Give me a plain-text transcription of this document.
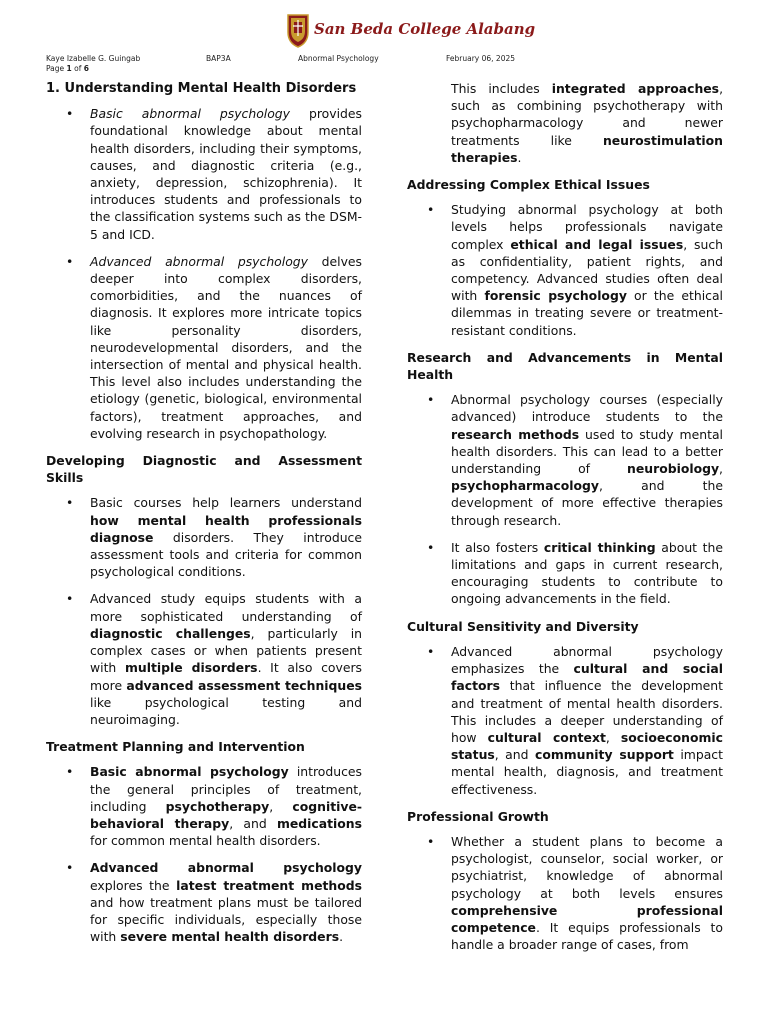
San Beda College Alabang
Kaye Izabelle G. Guingab	BAP3A	Abnormal Psychology	February 06, 2025
Page 1 of 6
1. Understanding Mental Health Disorders
• Basic abnormal psychology provides foundational knowledge about mental health disorders, including their symptoms, causes, and diagnostic criteria (e.g., anxiety, depression, schizophrenia). It introduces students and professionals to the classification systems such as the DSM-5 and ICD.
• Advanced abnormal psychology delves deeper into complex disorders, comorbidities, and the nuances of diagnosis. It explores more intricate topics like personality disorders, neurodevelopmental disorders, and the intersection of mental and physical health. This level also includes understanding the etiology (genetic, biological, environmental factors), treatment approaches, and evolving research in psychopathology.
Developing Diagnostic and Assessment Skills
• Basic courses help learners understand how mental health professionals diagnose disorders. They introduce assessment tools and criteria for common psychological conditions.
• Advanced study equips students with a more sophisticated understanding of diagnostic challenges, particularly in complex cases or when patients present with multiple disorders. It also covers more advanced assessment techniques like psychological testing and neuroimaging.
Treatment Planning and Intervention
• Basic abnormal psychology introduces the general principles of treatment, including psychotherapy, cognitive-behavioral therapy, and medications for common mental health disorders.
• Advanced abnormal psychology explores the latest treatment methods and how treatment plans must be tailored for specific individuals, especially those with severe mental health disorders.
This includes integrated approaches, such as combining psychotherapy with psychopharmacology and newer treatments like neurostimulation therapies.
Addressing Complex Ethical Issues
• Studying abnormal psychology at both levels helps professionals navigate complex ethical and legal issues, such as confidentiality, patient rights, and competency. Advanced studies often deal with forensic psychology or the ethical dilemmas in treating severe or treatment-resistant conditions.
Research and Advancements in Mental Health
• Abnormal psychology courses (especially advanced) introduce students to the research methods used to study mental health disorders. This can lead to a better understanding of neurobiology, psychopharmacology, and the development of more effective therapies through research.
• It also fosters critical thinking about the limitations and gaps in current research, encouraging students to contribute to ongoing advancements in the field.
Cultural Sensitivity and Diversity
• Advanced abnormal psychology emphasizes the cultural and social factors that influence the development and treatment of mental health disorders. This includes a deeper understanding of how cultural context, socioeconomic status, and community support impact mental health, diagnosis, and treatment effectiveness.
Professional Growth
• Whether a student plans to become a psychologist, counselor, social worker, or psychiatrist, knowledge of abnormal psychology at both levels ensures comprehensive professional competence. It equips professionals to handle a broader range of cases, from
